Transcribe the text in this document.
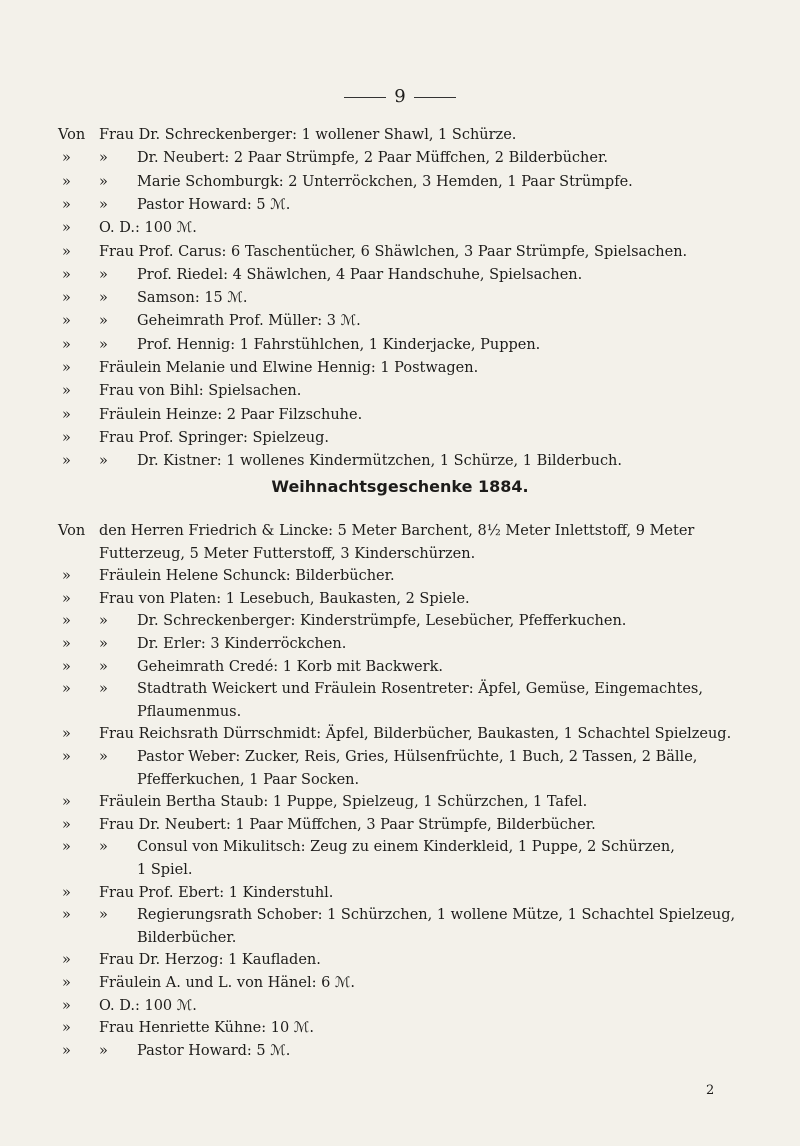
9
Von Frau Dr. Schreckenberger: 1 wollener Shawl, 1 Schürze.
»	» Dr. Neubert: 2 Paar Strümpfe, 2 Paar Müffchen, 2 Bilderbücher.
»	» Marie Schomburgk: 2 Unterröckchen, 3 Hemden, 1 Paar Strümpfe.
»	» Pastor Howard: 5 ℳ.
»	O. D.: 100 ℳ.
»	Frau Prof. Carus: 6 Taschentücher, 6 Shäwlchen, 3 Paar Strümpfe, Spielsachen.
»	» Prof. Riedel: 4 Shäwlchen, 4 Paar Handschuhe, Spielsachen.
»	» Samson: 15 ℳ.
»	» Geheimrath Prof. Müller: 3 ℳ.
»	» Prof. Hennig: 1 Fahrstühlchen, 1 Kinderjacke, Puppen.
»	Fräulein Melanie und Elwine Hennig: 1 Postwagen.
»	Frau von Bihl: Spielsachen.
»	Fräulein Heinze: 2 Paar Filzschuhe.
»	Frau Prof. Springer: Spielzeug.
»	» Dr. Kistner: 1 wollenes Kindermützchen, 1 Schürze, 1 Bilderbuch.
Weihnachtsgeschenke 1884.
Von den Herren Friedrich & Lincke: 5 Meter Barchent, 8½ Meter Inlettstoff, 9 Meter
Futterzeug, 5 Meter Futterstoff, 3 Kinderschürzen.
»	Fräulein Helene Schunck: Bilderbücher.
»	Frau von Platen: 1 Lesebuch, Baukasten, 2 Spiele.
»	» Dr. Schreckenberger: Kinderstrümpfe, Lesebücher, Pfefferkuchen.
»	» Dr. Erler: 3 Kinderröckchen.
»	» Geheimrath Credé: 1 Korb mit Backwerk.
»	» Stadtrath Weickert und Fräulein Rosentreter: Äpfel, Gemüse, Eingemachtes,
Pflaumenmus.
»	Frau Reichsrath Dürrschmidt: Äpfel, Bilderbücher, Baukasten, 1 Schachtel Spielzeug.
»	» Pastor Weber: Zucker, Reis, Gries, Hülsenfrüchte, 1 Buch, 2 Tassen, 2 Bälle,
Pfefferkuchen, 1 Paar Socken.
»	Fräulein Bertha Staub: 1 Puppe, Spielzeug, 1 Schürzchen, 1 Tafel.
»	Frau Dr. Neubert: 1 Paar Müffchen, 3 Paar Strümpfe, Bilderbücher.
»	» Consul von Mikulitsch: Zeug zu einem Kinderkleid, 1 Puppe, 2 Schürzen,
1 Spiel.
»	Frau Prof. Ebert: 1 Kinderstuhl.
»	» Regierungsrath Schober: 1 Schürzchen, 1 wollene Mütze, 1 Schachtel Spielzeug,
Bilderbücher.
»	Frau Dr. Herzog: 1 Kaufladen.
»	Fräulein A. und L. von Hänel: 6 ℳ.
»	O. D.: 100 ℳ.
»	Frau Henriette Kühne: 10 ℳ.
»	» Pastor Howard: 5 ℳ.
2
